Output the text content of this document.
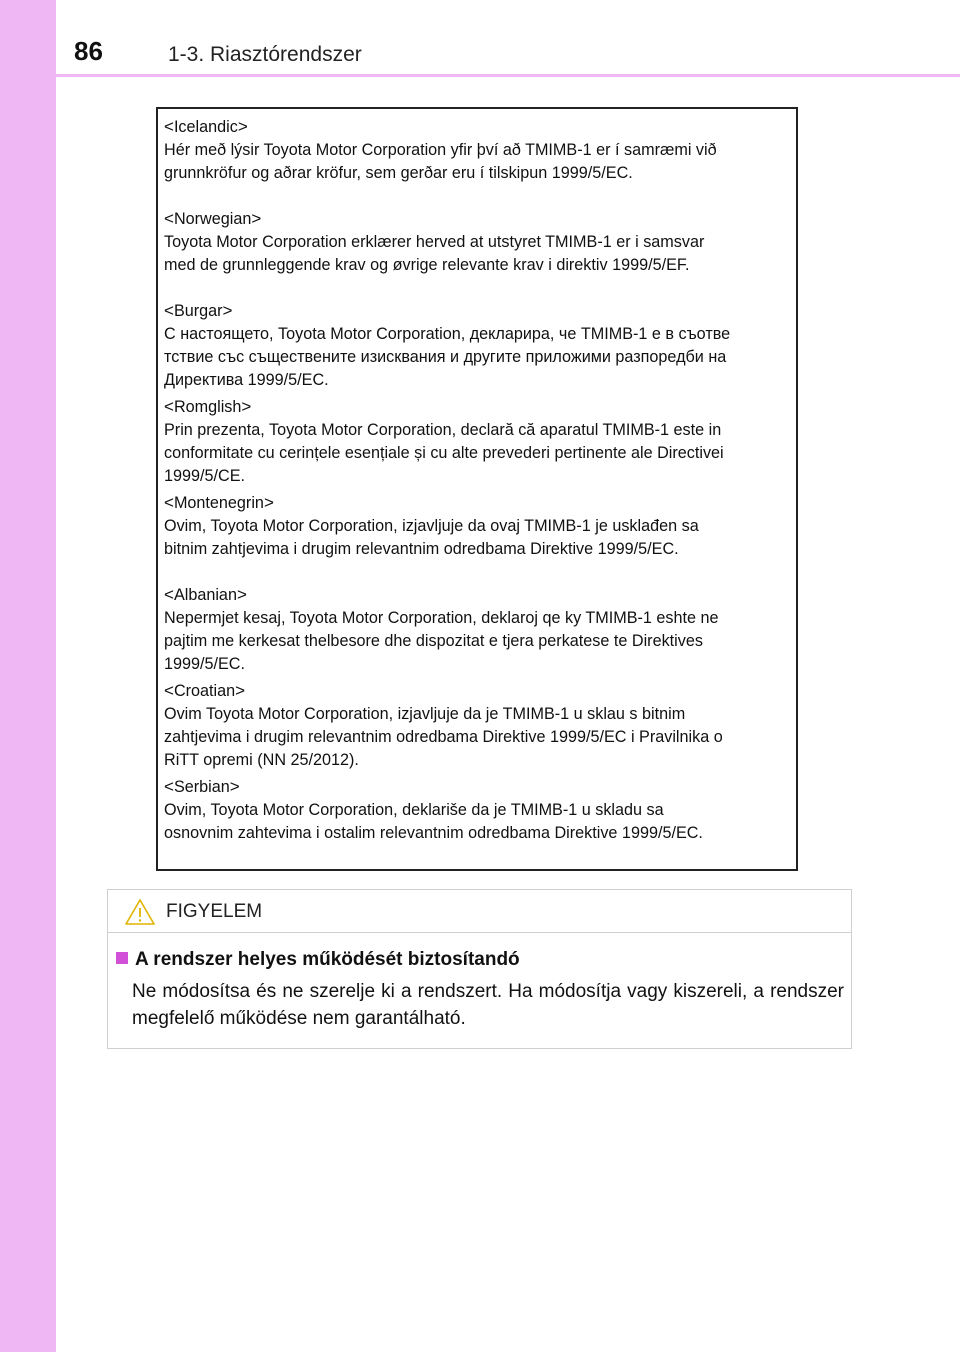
86	1-3. Riasztórendszer
<Icelandic>
Hér með lýsir Toyota Motor Corporation yfir því að TMIMB-1 er í samræmi við
grunnkröfur og aðrar kröfur, sem gerðar eru í tilskipun 1999/5/EC.
<Norwegian>
Toyota Motor Corporation erklærer herved at utstyret TMIMB-1 er i samsvar
med de grunnleggende krav og øvrige relevante krav i direktiv 1999/5/EF.
<Burgar>
С настоящето, Toyota Motor Corporation, декларира, че TMIMB-1 е в съотве
тствие със съществените изисквания и другите приложими разпоредби на
Директива 1999/5/EC.
<Romglish>
Prin prezenta, Toyota Motor Corporation, declară că aparatul TMIMB-1 este in
conformitate cu cerințele esențiale și cu alte prevederi pertinente ale Directivei
1999/5/CE.
<Montenegrin>
Ovim, Toyota Motor Corporation, izjavljuje da ovaj TMIMB-1 je usklađen sa
bitnim zahtjevima i drugim relevantnim odredbama Direktive 1999/5/EC.
<Albanian>
Nepermjet kesaj, Toyota Motor Corporation, deklaroj qe ky TMIMB-1 eshte ne
pajtim me kerkesat thelbesore dhe dispozitat e tjera perkatese te Direktives
1999/5/EC.
<Croatian>
Ovim Toyota Motor Corporation, izjavljuje da je TMIMB-1 u sklau s bitnim
zahtjevima i drugim relevantnim odredbama Direktive 1999/5/EC i Pravilnika o
RiTT opremi (NN 25/2012).
<Serbian>
Ovim, Toyota Motor Corporation, deklariše da je TMIMB-1 u skladu sa
osnovnim zahtevima i ostalim relevantnim odredbama Direktive 1999/5/EC.
FIGYELEM
A rendszer helyes működését biztosítandó
Ne módosítsa és ne szerelje ki a rendszert. Ha módosítja vagy kiszereli, a rendszer megfelelő működése nem garantálható.
